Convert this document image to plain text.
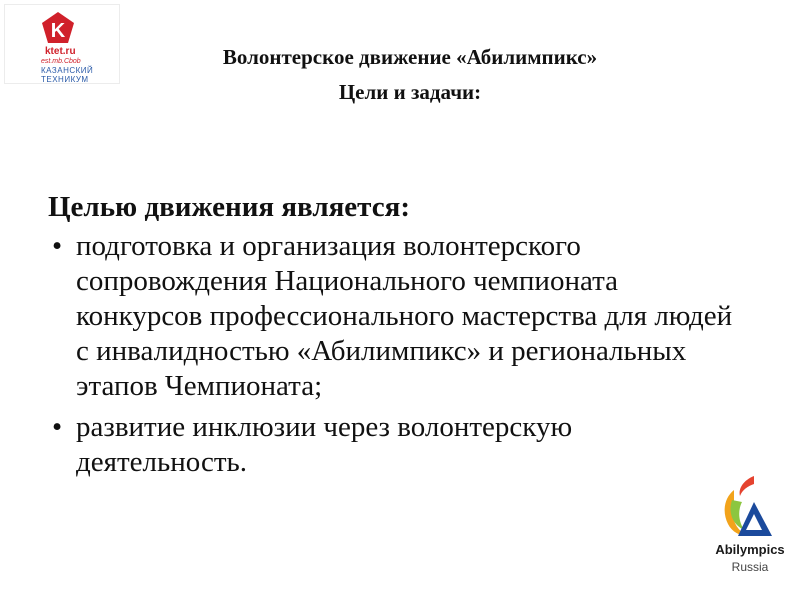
K
ktet.ru
est.mb.Cbob
КАЗАНСКИЙ
ТЕХНИКУМ
Волонтерское движение «Абилимпикс»
Цели и задачи:
Целью движения является:
• подготовка и организация волонтерского сопровождения Национального чемпионата конкурсов профессионального мастерства для людей с инвалидностью «Абилимпикс» и региональных этапов Чемпионата;
• развитие инклюзии через волонтерскую деятельность.
Abilympics
Russia
